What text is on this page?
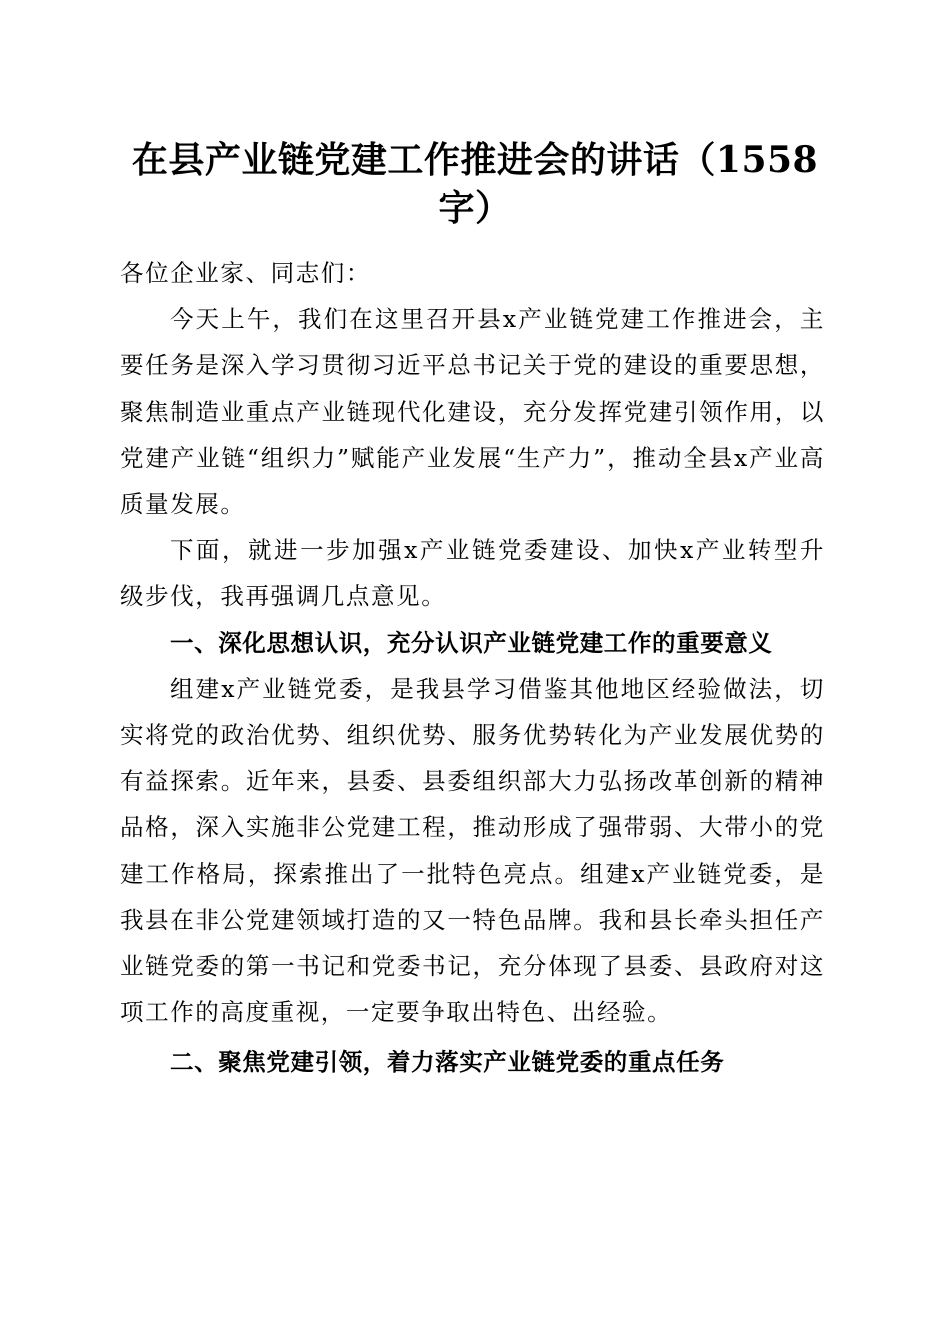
在县产业链党建工作推进会的讲话（1558字）

各位企业家、同志们：

今天上午，我们在这里召开县x产业链党建工作推进会，主要任务是深入学习贯彻习近平总书记关于党的建设的重要思想，聚焦制造业重点产业链现代化建设，充分发挥党建引领作用，以党建产业链“组织力”赋能产业发展“生产力”，推动全县x产业高质量发展。

下面，就进一步加强x产业链党委建设、加快x产业转型升级步伐，我再强调几点意见。

一、深化思想认识，充分认识产业链党建工作的重要意义

组建x产业链党委，是我县学习借鉴其他地区经验做法，切实将党的政治优势、组织优势、服务优势转化为产业发展优势的有益探索。近年来，县委、县委组织部大力弘扬改革创新的精神品格，深入实施非公党建工程，推动形成了强带弱、大带小的党建工作格局，探索推出了一批特色亮点。组建x产业链党委，是我县在非公党建领域打造的又一特色品牌。我和县长牵头担任产业链党委的第一书记和党委书记，充分体现了县委、县政府对这项工作的高度重视，一定要争取出特色、出经验。

二、聚焦党建引领，着力落实产业链党委的重点任务
